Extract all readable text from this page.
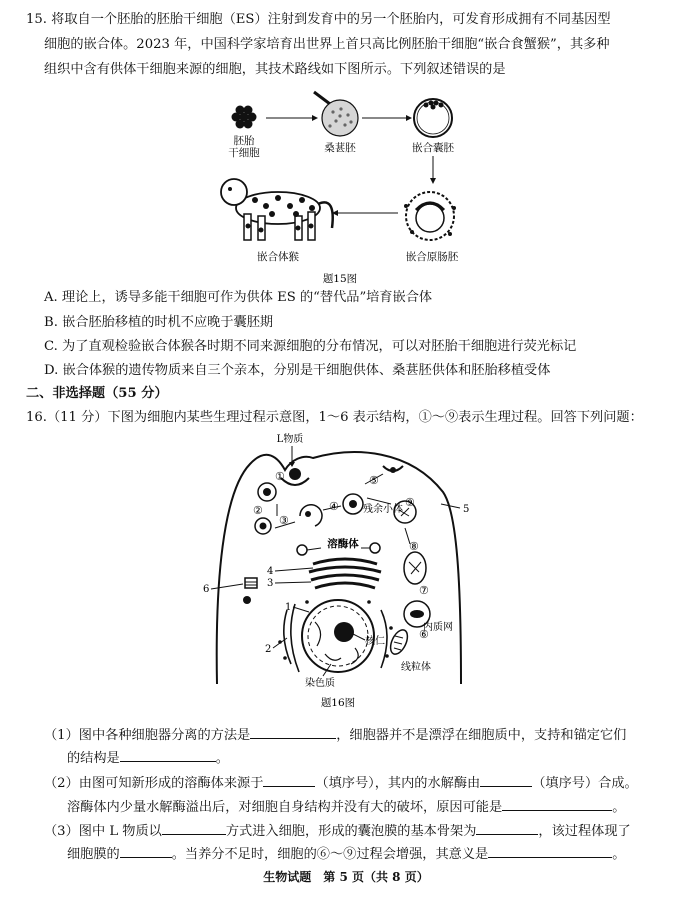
15. 将取自一个胚胎的胚胎干细胞（ES）注射到发育中的另一个胚胎内，可发育形成拥有不同基因型
细胞的嵌合体。2023 年，中国科学家培育出世界上首只高比例胚胎干细胞“嵌合食蟹猴”，其多种
组织中含有供体干细胞来源的细胞，其技术路线如下图所示。下列叙述错误的是
胚胎
干细胞	桑葚胚	嵌合囊胚
嵌合原肠胚
嵌合体猴
题15图
A. 理论上，诱导多能干细胞可作为供体 ES 的“替代品”培育嵌合体
B. 嵌合胚胎移植的时机不应晚于囊胚期
C. 为了直观检验嵌合体猴各时期不同来源细胞的分布情况，可以对胚胎干细胞进行荧光标记
D. 嵌合体猴的遗传物质来自三个亲本，分别是干细胞供体、桑葚胚供体和胚胎移植受体
二、非选择题（55 分）
16.（11 分）下图为细胞内某些生理过程示意图，1～6 表示结构，①～⑨表示生理过程。回答下列问题：
L物质
溶酶体
残余小体	5
6
4
3
1
2
①
②
③
④
⑤
⑥
⑦
⑧
⑨
内质网
核仁
线粒体
染色质
题16图
（1）图中各种细胞器分离的方法是	，细胞器并不是漂浮在细胞质中，支持和锚定它们
的结构是	。
（2）由图可知新形成的溶酶体来源于	（填序号），其内的水解酶由	（填序号）合成。
溶酶体内少量水解酶溢出后，对细胞自身结构并没有大的破坏，原因可能是	。
（3）图中 L 物质以	方式进入细胞，形成的囊泡膜的基本骨架为	，该过程体现了
细胞膜的	。当养分不足时，细胞的⑥～⑨过程会增强，其意义是	。
生物试题　第 5 页（共 8 页）
